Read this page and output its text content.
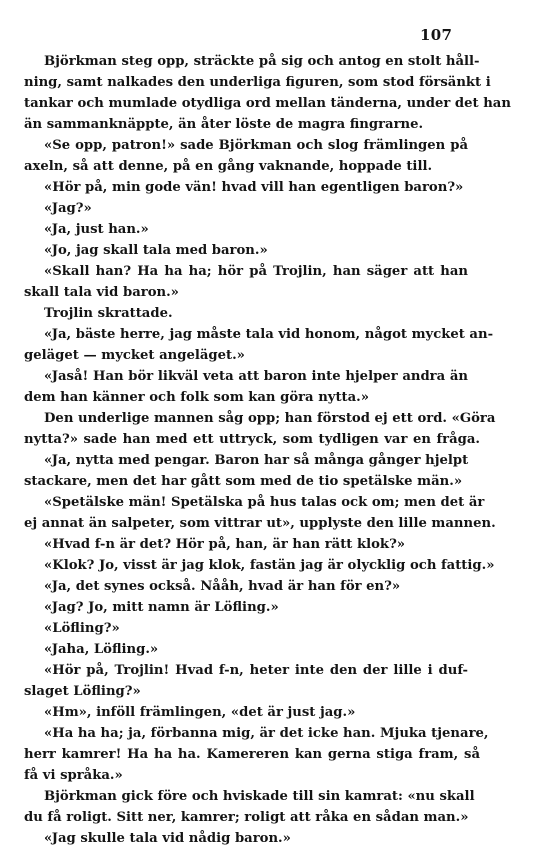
107
Björkman steg opp, sträckte på sig och antog en stolt håll-
ning, samt nalkades den underliga figuren, som stod försänkt i
tankar och mumlade otydliga ord mellan tänderna, under det han
än sammanknäppte, än åter löste de magra fingrarne.
«Se opp, patron!» sade Björkman och slog främlingen på
axeln, så att denne, på en gång vaknande, hoppade till.
«Hör på, min gode vän! hvad vill han egentligen baron?»
«Jag?»
«Ja, just han.»
«Jo, jag skall tala med baron.»
«Skall han? Ha ha ha; hör på Trojlin, han säger att han
skall tala vid baron.»
Trojlin skrattade.
«Ja, bäste herre, jag måste tala vid honom, något mycket an-
geläget — mycket angeläget.»
«Jaså! Han bör likväl veta att baron inte hjelper andra än
dem han känner och folk som kan göra nytta.»
Den underlige mannen såg opp; han förstod ej ett ord. «Göra
nytta?» sade han med ett uttryck, som tydligen var en fråga.
«Ja, nytta med pengar. Baron har så många gånger hjelpt
stackare, men det har gått som med de tio spetälske män.»
«Spetälske män! Spetälska på hus talas ock om; men det är
ej annat än salpeter, som vittrar ut», upplyste den lille mannen.
«Hvad f-n är det? Hör på, han, är han rätt klok?»
«Klok? Jo, visst är jag klok, fastän jag är olycklig och fattig.»
«Ja, det synes också. Nååh, hvad är han för en?»
«Jag? Jo, mitt namn är Löfling.»
«Löfling?»
«Jaha, Löfling.»
«Hör på, Trojlin! Hvad f-n, heter inte den der lille i duf-
slaget Löfling?»
«Hm», inföll främlingen, «det är just jag.»
«Ha ha ha; ja, förbanna mig, är det icke han. Mjuka tjenare,
herr kamrer! Ha ha ha. Kamereren kan gerna stiga fram, så
få vi språka.»
Björkman gick före och hviskade till sin kamrat: «nu skall
du få roligt. Sitt ner, kamrer; roligt att råka en sådan man.»
«Jag skulle tala vid nådig baron.»
